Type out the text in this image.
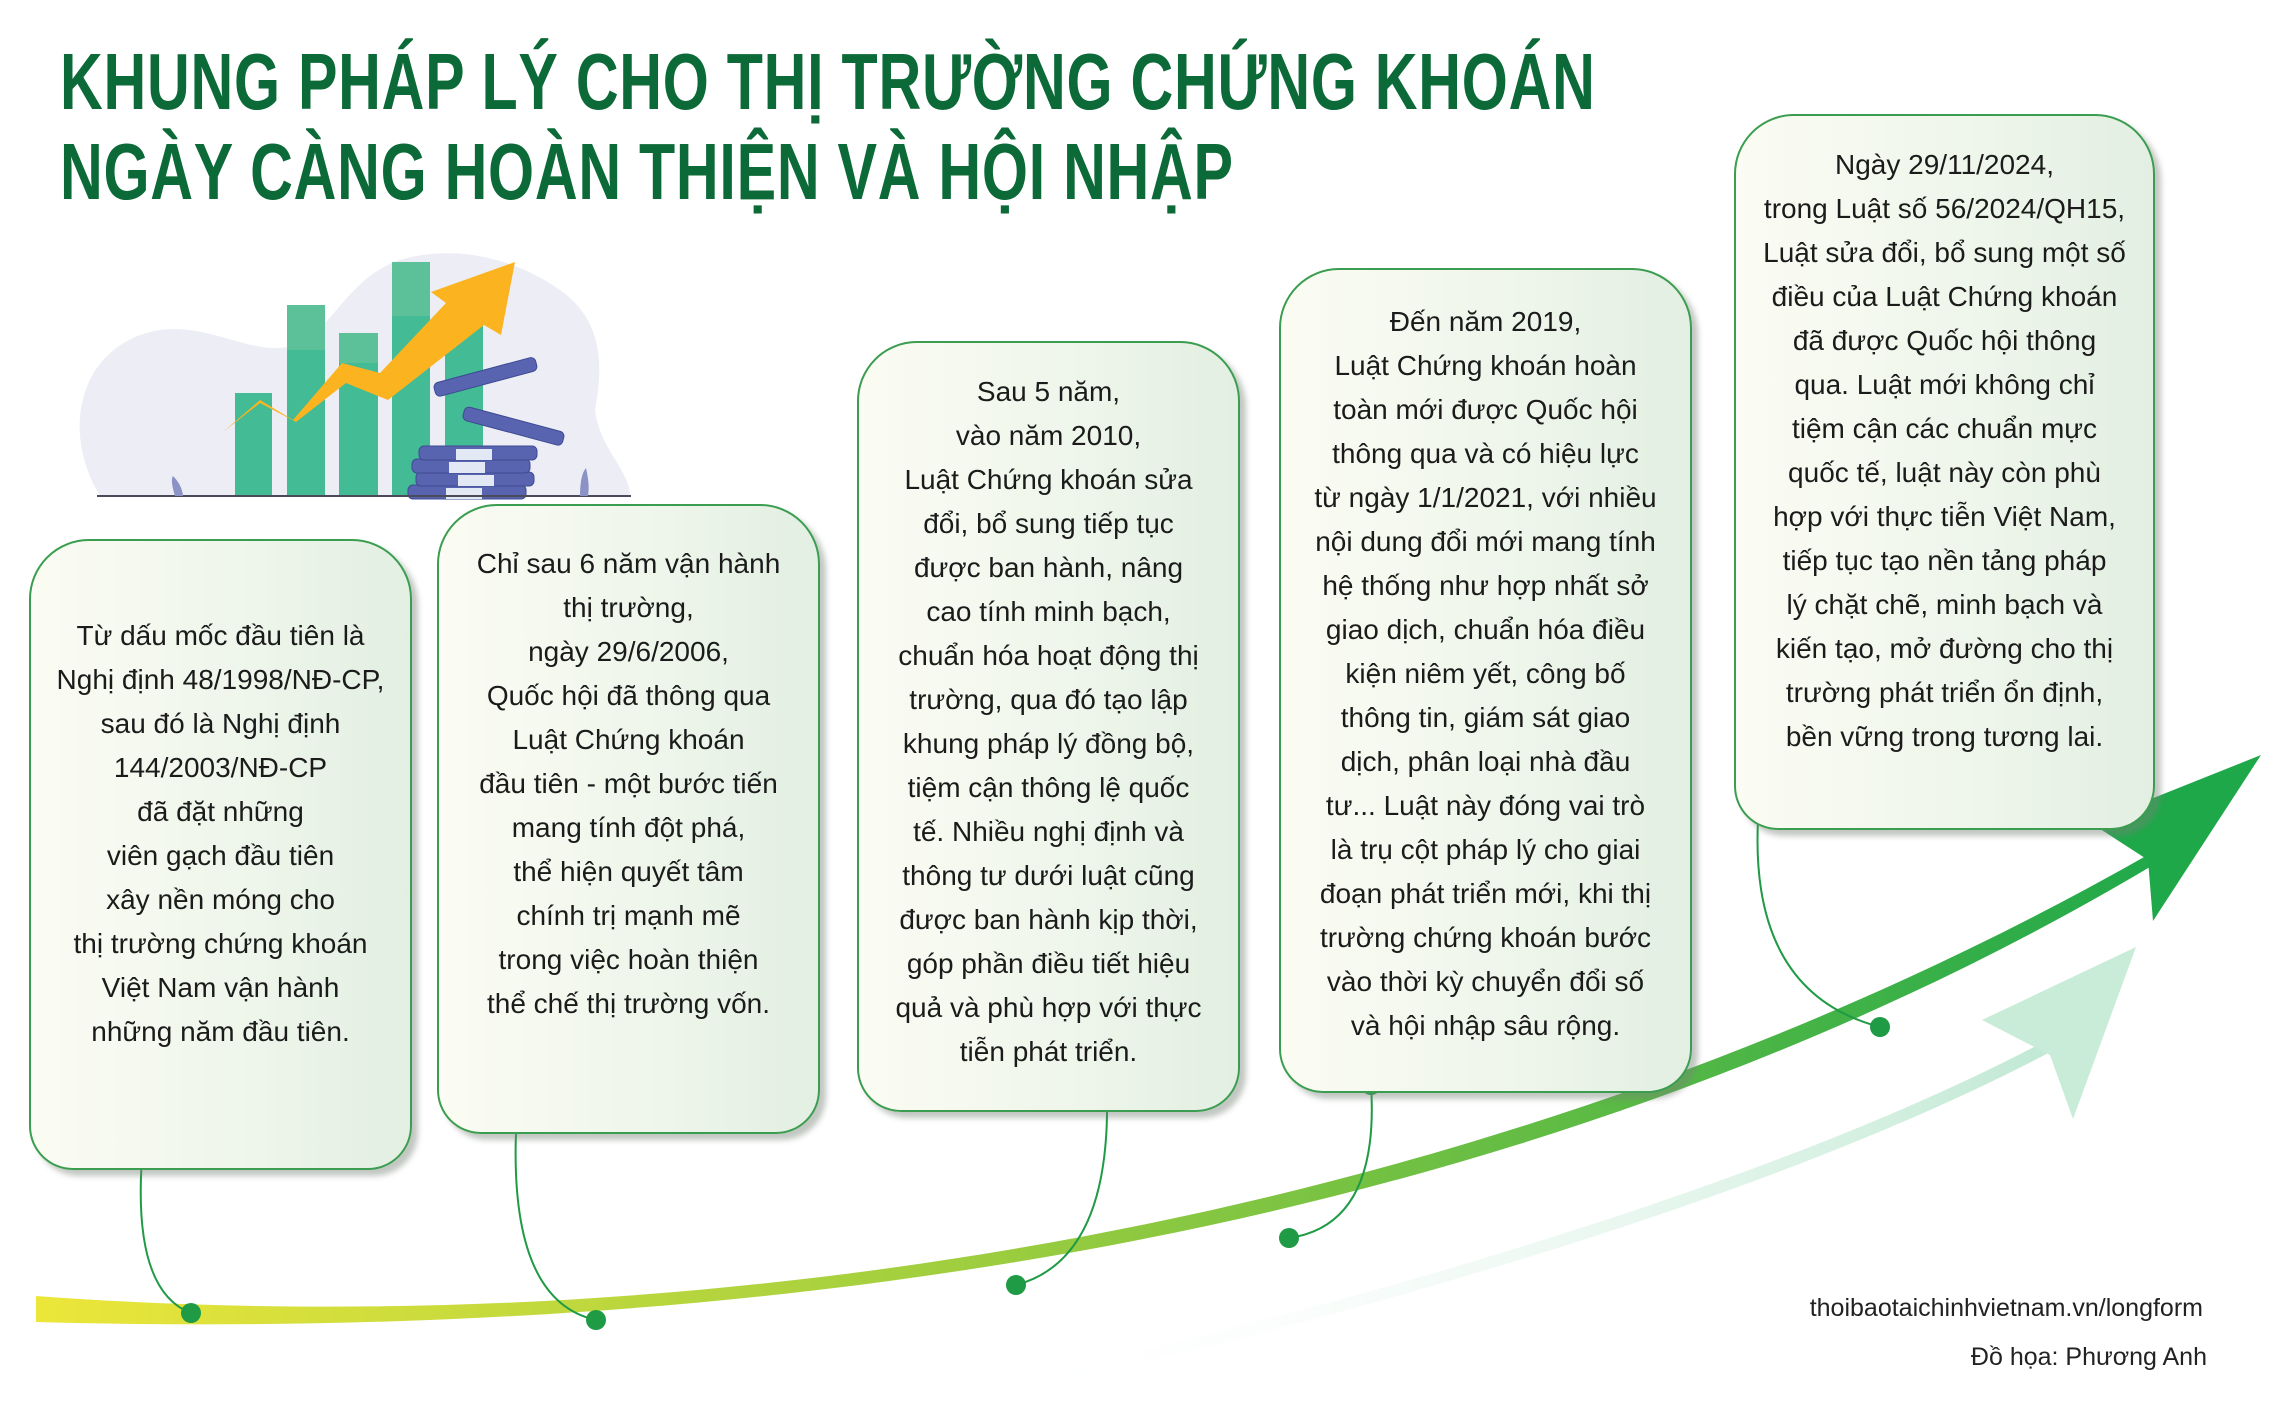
KHUNG PHÁP LÝ CHO THỊ TRƯỜNG CHỨNG KHOÁN
NGÀY CÀNG HOÀN THIỆN VÀ HỘI NHẬP
Từ dấu mốc đầu tiên là
Nghị định 48/1998/NĐ-CP,
sau đó là Nghị định
144/2003/NĐ-CP
đã đặt những
viên gạch đầu tiên
xây nền móng cho
thị trường chứng khoán
Việt Nam vận hành
những năm đầu tiên.
Chỉ sau 6 năm vận hành
thị trường,
ngày 29/6/2006,
Quốc hội đã thông qua
Luật Chứng khoán
đầu tiên - một bước tiến
mang tính đột phá,
thể hiện quyết tâm
chính trị mạnh mẽ
trong việc hoàn thiện
thể chế thị trường vốn.
Sau 5 năm,
vào năm 2010,
Luật Chứng khoán sửa
đổi, bổ sung tiếp tục
được ban hành, nâng
cao tính minh bạch,
chuẩn hóa hoạt động thị
trường, qua đó tạo lập
khung pháp lý đồng bộ,
tiệm cận thông lệ quốc
tế. Nhiều nghị định và
thông tư dưới luật cũng
được ban hành kịp thời,
góp phần điều tiết hiệu
quả và phù hợp với thực
tiễn phát triển.
Đến năm 2019,
Luật Chứng khoán hoàn
toàn mới được Quốc hội
thông qua và có hiệu lực
từ ngày 1/1/2021, với nhiều
nội dung đổi mới mang tính
hệ thống như hợp nhất sở
giao dịch, chuẩn hóa điều
kiện niêm yết, công bố
thông tin, giám sát giao
dịch, phân loại nhà đầu
tư... Luật này đóng vai trò
là trụ cột pháp lý cho giai
đoạn phát triển mới, khi thị
trường chứng khoán bước
vào thời kỳ chuyển đổi số
và hội nhập sâu rộng.
Ngày 29/11/2024,
trong Luật số 56/2024/QH15,
Luật sửa đổi, bổ sung một số
điều của Luật Chứng khoán
đã được Quốc hội thông
qua. Luật mới không chỉ
tiệm cận các chuẩn mực
quốc tế, luật này còn phù
hợp với thực tiễn Việt Nam,
tiếp tục tạo nền tảng pháp
lý chặt chẽ, minh bạch và
kiến tạo, mở đường cho thị
trường phát triển ổn định,
bền vững trong tương lai.
thoibaotaichinhvietnam.vn/longform
Đồ họa: Phương Anh
